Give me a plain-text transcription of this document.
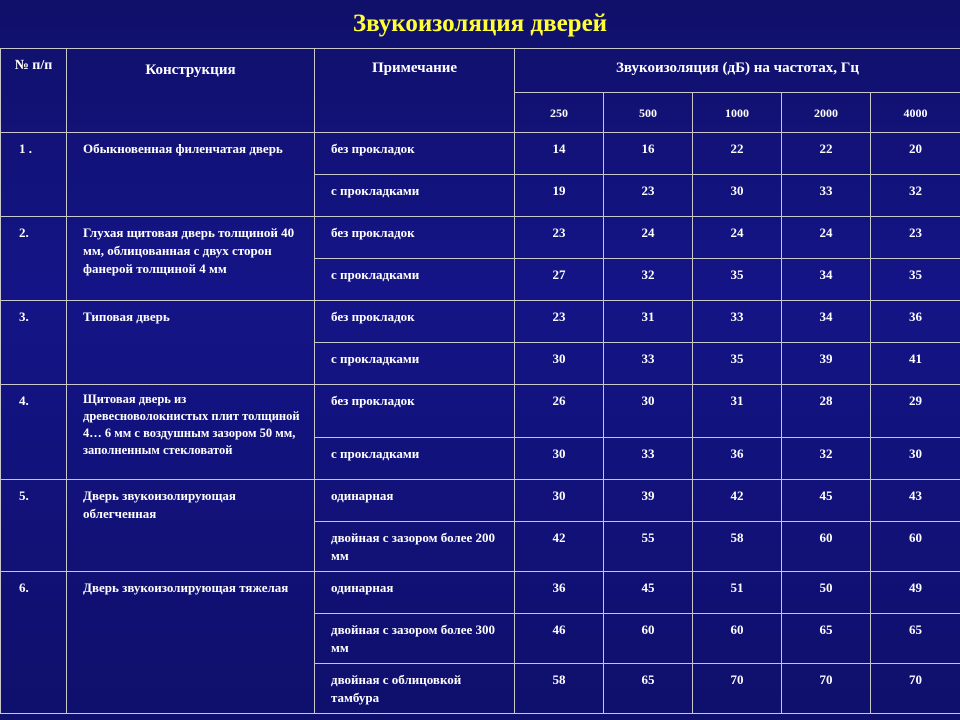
Звукоизоляция дверей
№ п/п	Конструкция	Примечание	Звукоизоляция (дБ) на частотах, Гц				
			250	500	1000	2000	4000
1 .	Обыкновенная филенчатая дверь	без прокладок	14	16	22	22	20
		с прокладками	19	23	30	33	32
2.	Глухая щитовая дверь толщиной 40 мм, облицованная с двух сторон фанерой толщиной 4 мм	без прокладок	23	24	24	24	23
		с прокладками	27	32	35	34	35
3.	Типовая дверь	без прокладок	23	31	33	34	36
		с прокладками	30	33	35	39	41
4.	Щитовая дверь из древесноволокнистых плит толщиной 4… 6 мм с воздушным зазором 50 мм, заполненным стекловатой	без прокладок	26	30	31	28	29
		с прокладками	30	33	36	32	30
5.	Дверь звукоизолирующая облегченная	одинарная	30	39	42	45	43
		двойная с зазором более 200 мм	42	55	58	60	60
6.	Дверь звукоизолирующая тяжелая	одинарная	36	45	51	50	49
		двойная с зазором более 300 мм	46	60	60	65	65
		двойная с облицовкой тамбура	58	65	70	70	70
